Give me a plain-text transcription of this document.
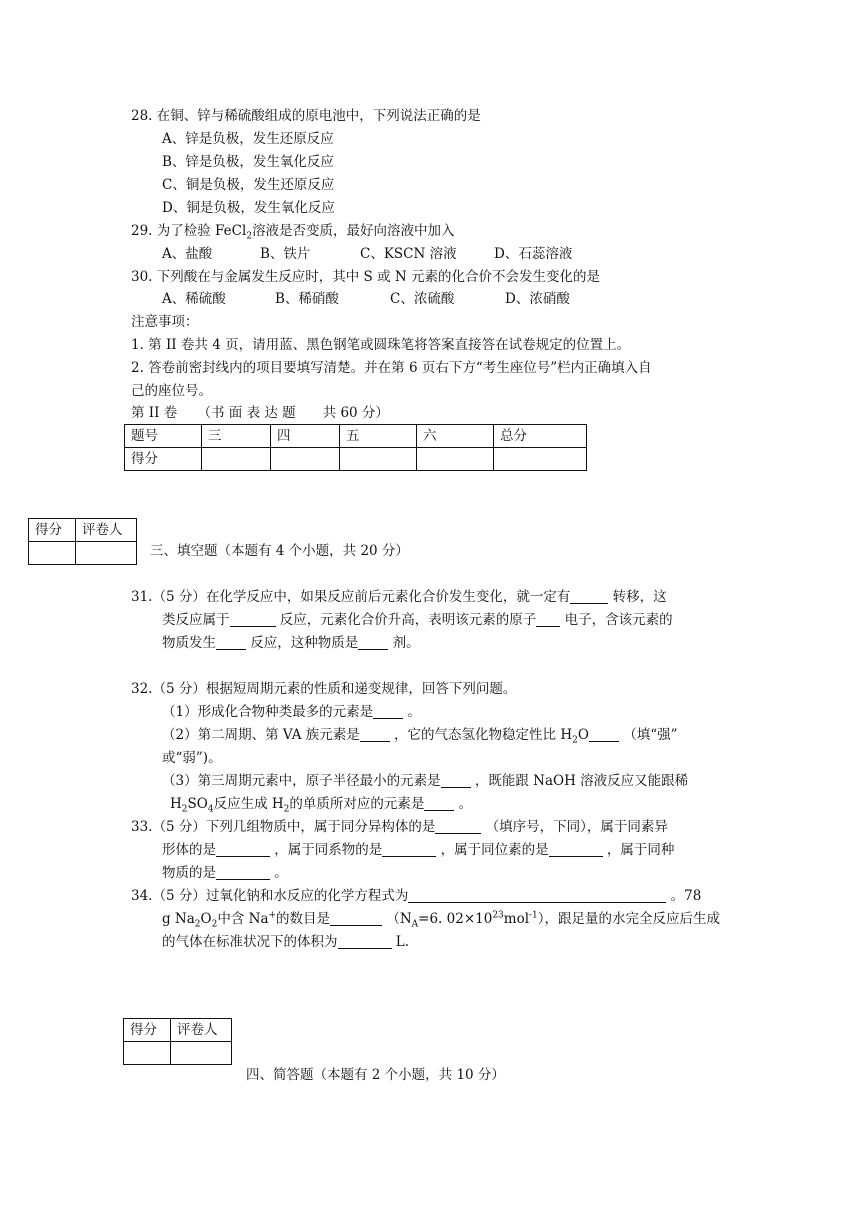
28. 在铜、锌与稀硫酸组成的原电池中，下列说法正确的是
A、锌是负极，发生还原反应
B、锌是负极，发生氧化反应
C、铜是负极，发生还原反应
D、铜是负极，发生氧化反应
29. 为了检验 FeCl$_2$溶液是否变质，最好向溶液中加入
A、盐酸	B、铁片	C、KSCN 溶液	D、石蕊溶液
30. 下列酸在与金属发生反应时，其中 S 或 N 元素的化合价不会发生变化的是
A、稀硫酸	B、稀硝酸	C、浓硫酸	D、浓硝酸
注意事项：
1. 第 II 卷共 4 页，请用蓝、黑色钢笔或圆珠笔将答案直接答在试卷规定的位置上。
2. 答卷前密封线内的项目要填写清楚。并在第 6 页右下方“考生座位号”栏内正确填入自
己的座位号。
第 II 卷　　（书 面 表 达 题　　共 60 分）
题号	三	四	五	六	总分
得分					
得分	评卷人

三、填空题（本题有 4 个小题，共 20 分）
31.（5 分）在化学反应中，如果反应前后元素化合价发生变化，就一定有	转移，这
类反应属于	反应，元素化合价升高，表明该元素的原子 电子，含该元素的
物质发生 反应，这种物质是 剂。
32.（5 分）根据短周期元素的性质和递变规律，回答下列问题。
（1）形成化合物种类最多的元素是 。
（2）第二周期、第 VA 族元素是 ，它的气态氢化物稳定性比 $H_2O$ （填“强”
或“弱”)。
（3）第三周期元素中，原子半径最小的元素是 ，既能跟 NaOH 溶液反应又能跟稀
$H_2SO_4$反应生成 $H_2$的单质所对应的元素是 。
33.（5 分）下列几组物质中，属于同分异构体的是	（填序号，下同），属于同素异
形体的是	，属于同系物的是	，属于同位素的是	，属于同种
物质的是	。
34.（5 分）过氧化钠和水反应的化学方程式为	。78
g $Na_2O_2$中含 Na+的数目是	（$N_A=6$. $02\times 10^{23}mol^{-1}$），跟足量的水完全反应后生成
的气体在标准状况下的体积为	L.
得分	评卷人

四、简答题（本题有 2 个小题，共 10 分）
